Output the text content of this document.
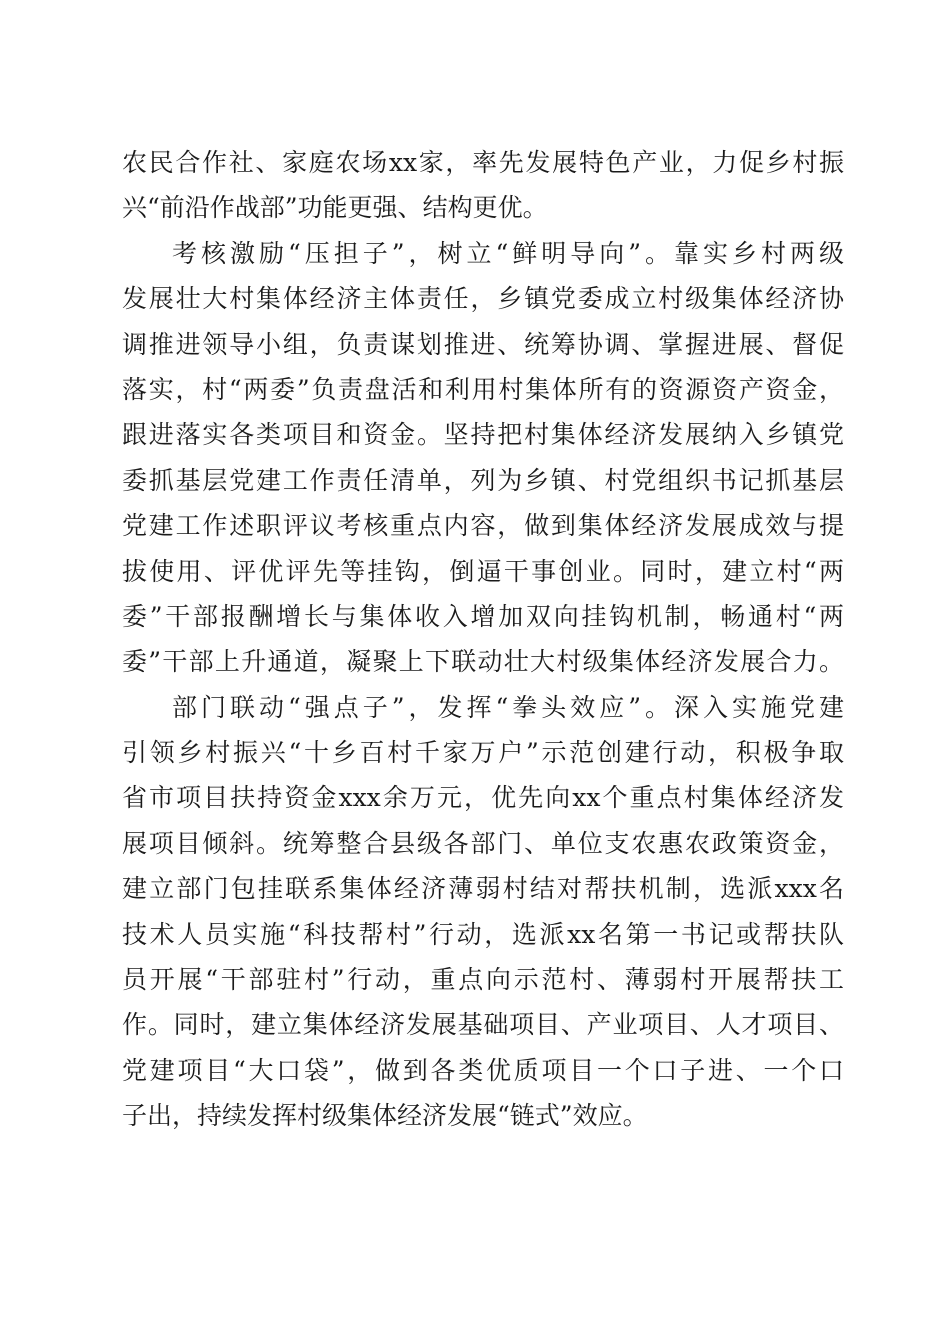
农民合作社、家庭农场xx家，率先发展特色产业，力促乡村振
兴“前沿作战部”功能更强、结构更优。
考核激励“压担子”，树立“鲜明导向”。靠实乡村两级
发展壮大村集体经济主体责任，乡镇党委成立村级集体经济协
调推进领导小组，负责谋划推进、统筹协调、掌握进展、督促
落实，村“两委”负责盘活和利用村集体所有的资源资产资金，
跟进落实各类项目和资金。坚持把村集体经济发展纳入乡镇党
委抓基层党建工作责任清单，列为乡镇、村党组织书记抓基层
党建工作述职评议考核重点内容，做到集体经济发展成效与提
拔使用、评优评先等挂钩，倒逼干事创业。同时，建立村“两
委”干部报酬增长与集体收入增加双向挂钩机制，畅通村“两
委”干部上升通道，凝聚上下联动壮大村级集体经济发展合力。
部门联动“强点子”，发挥“拳头效应”。深入实施党建
引领乡村振兴“十乡百村千家万户”示范创建行动，积极争取
省市项目扶持资金xxx余万元，优先向xx个重点村集体经济发
展项目倾斜。统筹整合县级各部门、单位支农惠农政策资金，
建立部门包挂联系集体经济薄弱村结对帮扶机制，选派xxx名
技术人员实施“科技帮村”行动，选派xx名第一书记或帮扶队
员开展“干部驻村”行动，重点向示范村、薄弱村开展帮扶工
作。同时，建立集体经济发展基础项目、产业项目、人才项目、
党建项目“大口袋”，做到各类优质项目一个口子进、一个口
子出，持续发挥村级集体经济发展“链式”效应。
